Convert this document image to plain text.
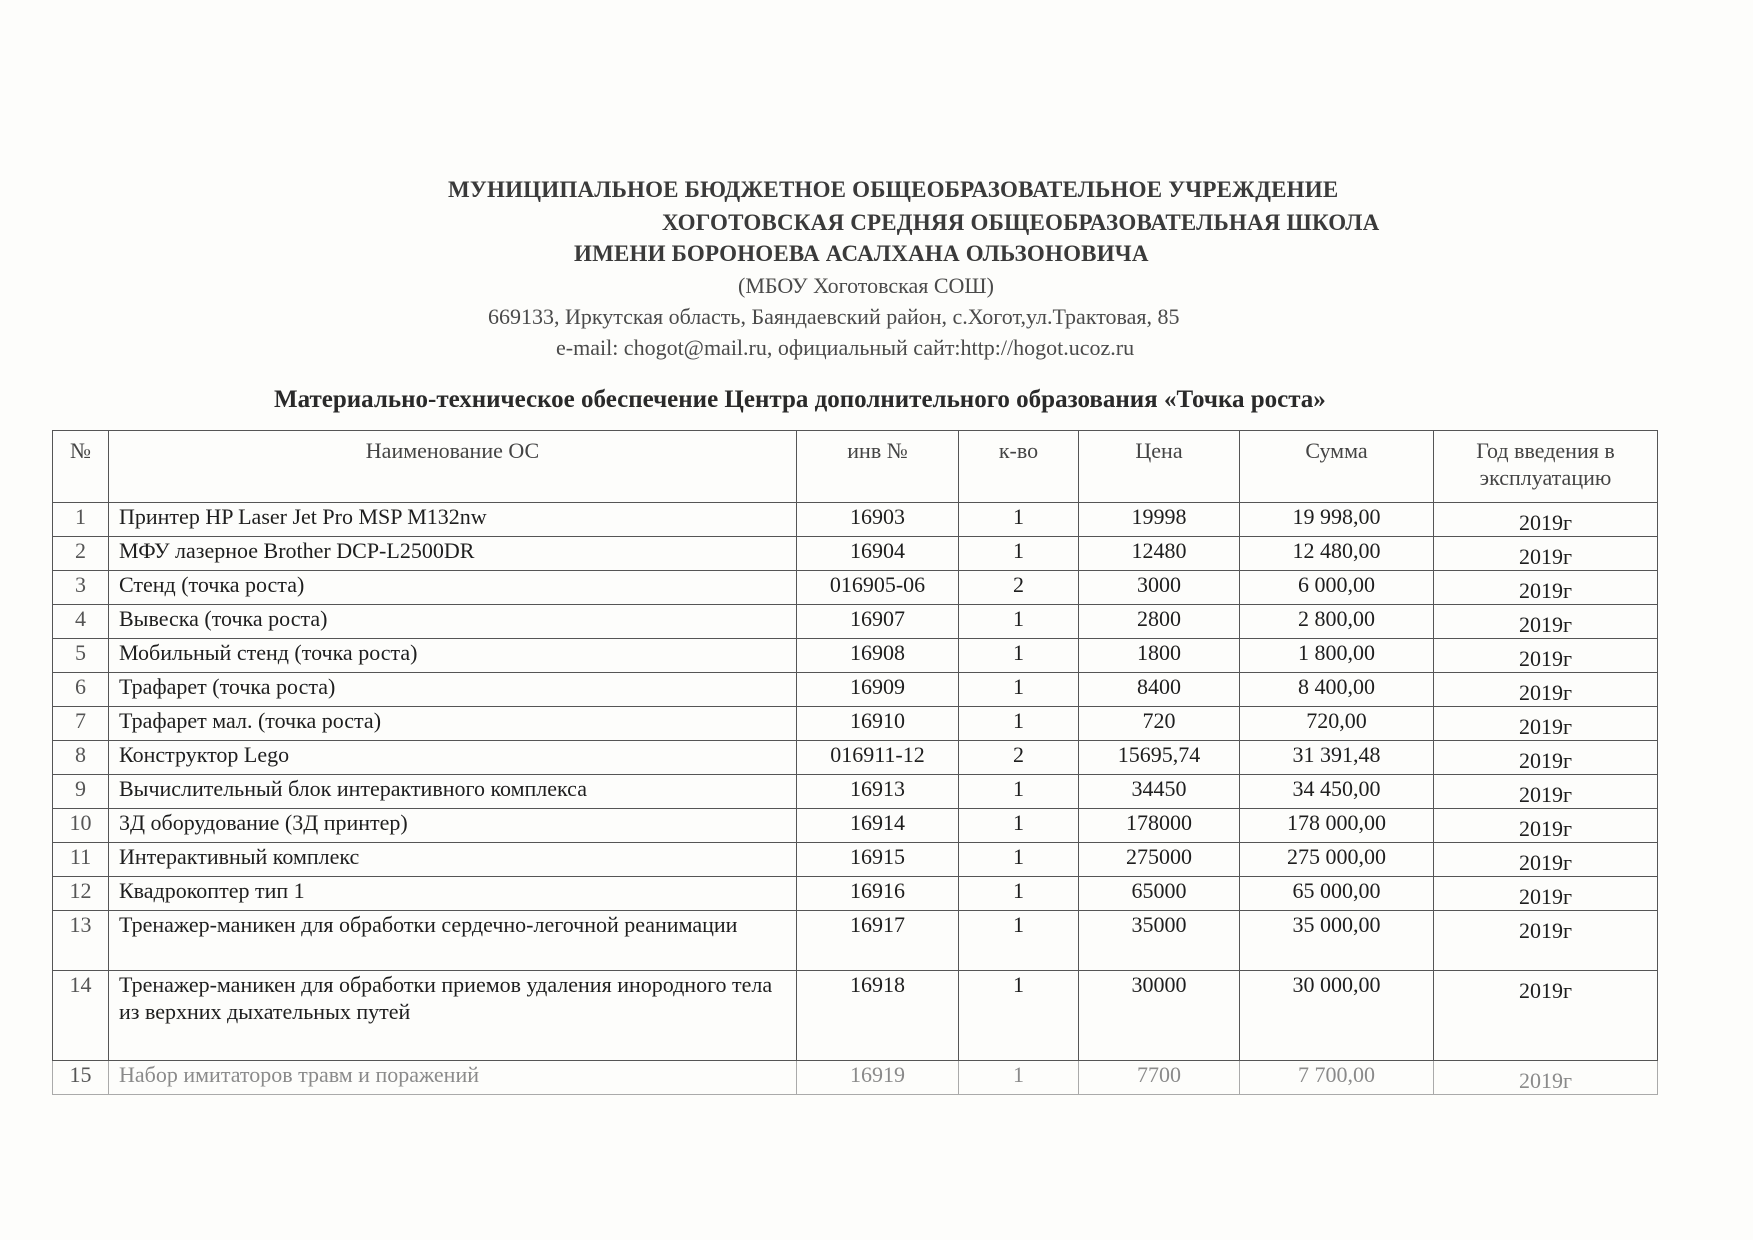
МУНИЦИПАЛЬНОЕ БЮДЖЕТНОЕ ОБЩЕОБРАЗОВАТЕЛЬНОЕ УЧРЕЖДЕНИЕ
ХОГОТОВСКАЯ СРЕДНЯЯ ОБЩЕОБРАЗОВАТЕЛЬНАЯ ШКОЛА
ИМЕНИ БОРОНОЕВА АСАЛХАНА ОЛЬЗОНОВИЧА
(МБОУ Хоготовская СОШ)
669133, Иркутская область, Баяндаевский район, с.Хогот,ул.Трактовая, 85
e-mail: chogot@mail.ru, официальный сайт:http://hogot.ucoz.ru
Материально-техническое обеспечение Центра дополнительного образования «Точка роста»
№	Наименование ОС	инв №	к-во	Цена	Сумма	Год введения в эксплуатацию
1	Принтер HP Laser Jet Pro MSP M132nw	16903	1	19998	19 998,00	2019г
2	МФУ лазерное Brother DCP-L2500DR	16904	1	12480	12 480,00	2019г
3	Стенд (точка роста)	016905-06	2	3000	6 000,00	2019г
4	Вывеска (точка роста)	16907	1	2800	2 800,00	2019г
5	Мобильный стенд (точка роста)	16908	1	1800	1 800,00	2019г
6	Трафарет (точка роста)	16909	1	8400	8 400,00	2019г
7	Трафарет мал. (точка роста)	16910	1	720	720,00	2019г
8	Конструктор Lego	016911-12	2	15695,74	31 391,48	2019г
9	Вычислительный блок интерактивного комплекса	16913	1	34450	34 450,00	2019г
10	3Д оборудование (3Д принтер)	16914	1	178000	178 000,00	2019г
11	Интерактивный комплекс	16915	1	275000	275 000,00	2019г
12	Квадрокоптер тип 1	16916	1	65000	65 000,00	2019г
13	Тренажер-маникен для обработки сердечно-легочной реанимации	16917	1	35000	35 000,00	2019г
14	Тренажер-маникен для обработки приемов удаления инородного тела из верхних дыхательных путей	16918	1	30000	30 000,00	2019г
15	Набор имитаторов травм и поражений	16919	1	7700	7 700,00	2019г
